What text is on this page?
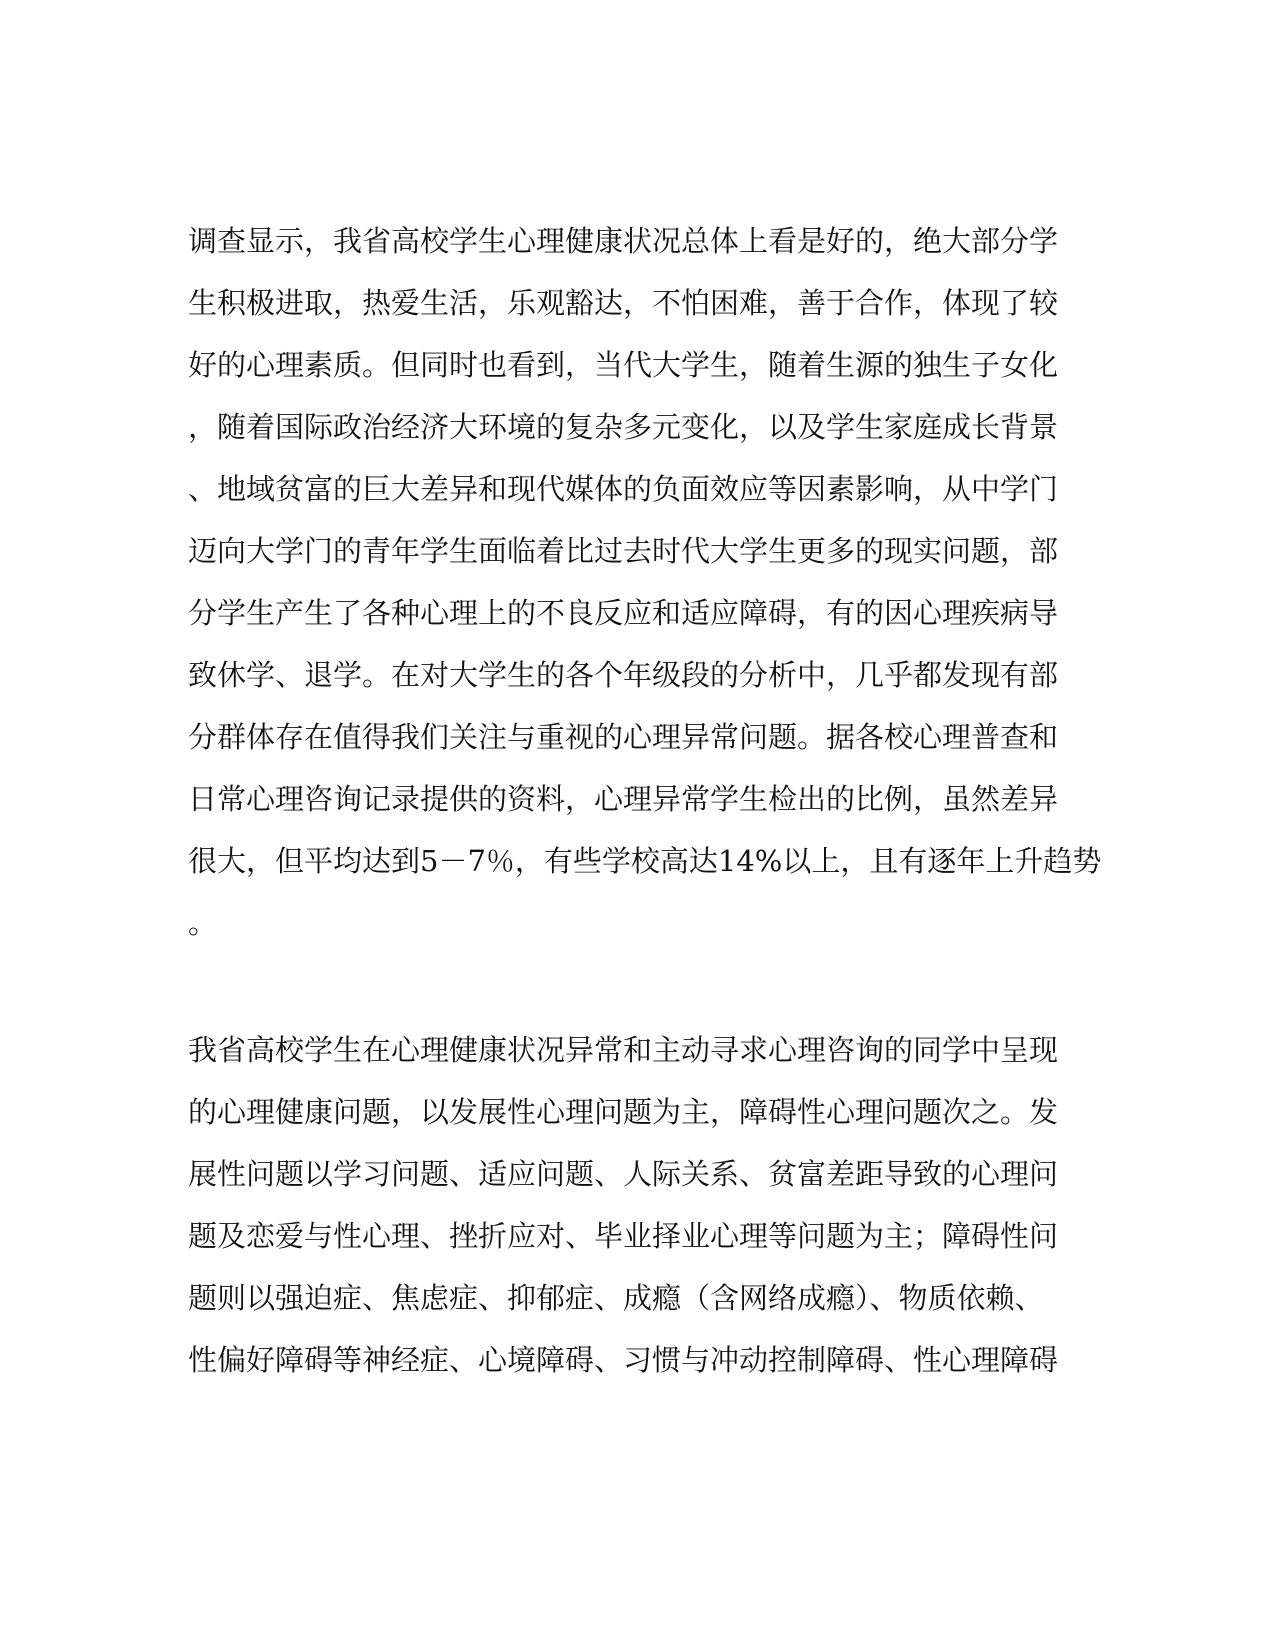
调查显示，我省高校学生心理健康状况总体上看是好的，绝大部分学
生积极进取，热爱生活，乐观豁达，不怕困难，善于合作，体现了较
好的心理素质。但同时也看到，当代大学生，随着生源的独生子女化
，随着国际政治经济大环境的复杂多元变化，以及学生家庭成长背景
、地域贫富的巨大差异和现代媒体的负面效应等因素影响，从中学门
迈向大学门的青年学生面临着比过去时代大学生更多的现实问题，部
分学生产生了各种心理上的不良反应和适应障碍，有的因心理疾病导
致休学、退学。在对大学生的各个年级段的分析中，几乎都发现有部
分群体存在值得我们关注与重视的心理异常问题。据各校心理普查和
日常心理咨询记录提供的资料，心理异常学生检出的比例，虽然差异
很大，但平均达到5－7％，有些学校高达14%以上，且有逐年上升趋势
。
我省高校学生在心理健康状况异常和主动寻求心理咨询的同学中呈现
的心理健康问题，以发展性心理问题为主，障碍性心理问题次之。发
展性问题以学习问题、适应问题、人际关系、贫富差距导致的心理问
题及恋爱与性心理、挫折应对、毕业择业心理等问题为主；障碍性问
题则以强迫症、焦虑症、抑郁症、成瘾（含网络成瘾）、物质依赖、
性偏好障碍等神经症、心境障碍、习惯与冲动控制障碍、性心理障碍
